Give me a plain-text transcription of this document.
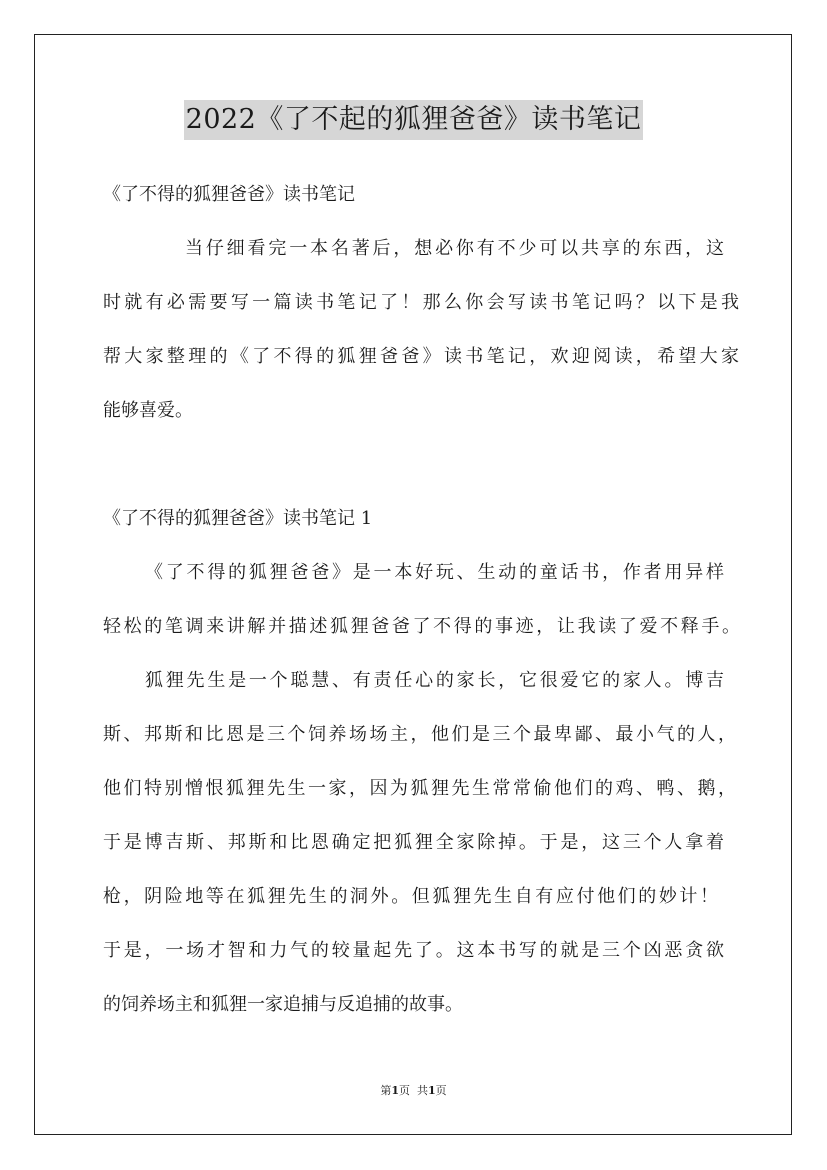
2022《了不起的狐狸爸爸》读书笔记
《了不得的狐狸爸爸》读书笔记
当仔细看完一本名著后，想必你有不少可以共享的东西，这
时就有必需要写一篇读书笔记了！那么你会写读书笔记吗？以下是我
帮大家整理的《了不得的狐狸爸爸》读书笔记，欢迎阅读，希望大家
能够喜爱。
《了不得的狐狸爸爸》读书笔记 1
《了不得的狐狸爸爸》是一本好玩、生动的童话书，作者用异样
轻松的笔调来讲解并描述狐狸爸爸了不得的事迹，让我读了爱不释手。
狐狸先生是一个聪慧、有责任心的家长，它很爱它的家人。博吉
斯、邦斯和比恩是三个饲养场场主，他们是三个最卑鄙、最小气的人，
他们特别憎恨狐狸先生一家，因为狐狸先生常常偷他们的鸡、鸭、鹅，
于是博吉斯、邦斯和比恩确定把狐狸全家除掉。于是，这三个人拿着
枪，阴险地等在狐狸先生的洞外。但狐狸先生自有应付他们的妙计！
于是，一场才智和力气的较量起先了。这本书写的就是三个凶恶贪欲
的饲养场主和狐狸一家追捕与反追捕的故事。
第1页  共1页
